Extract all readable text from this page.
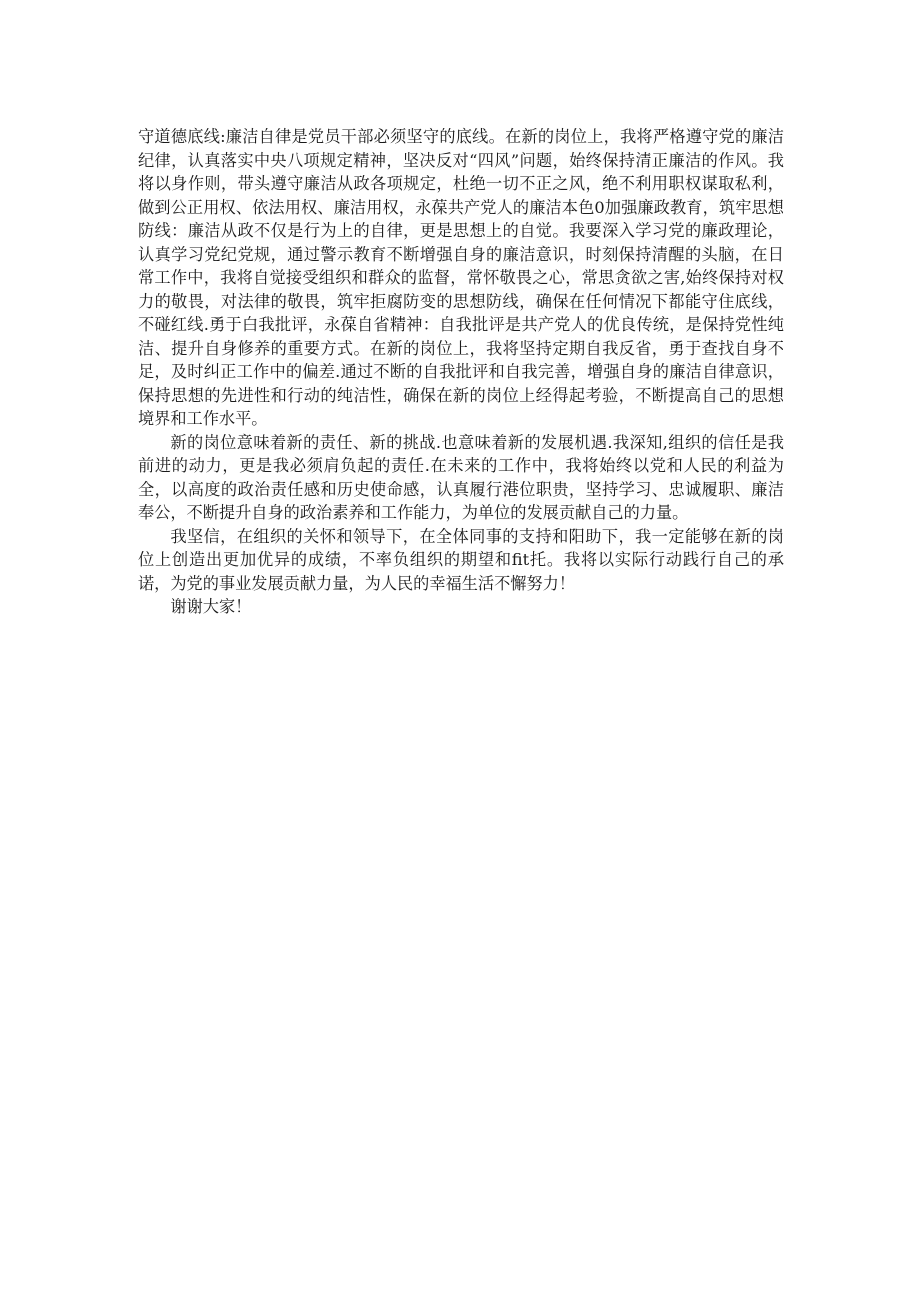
守道德底线:廉洁自律是党员干部必须坚守的底线。在新的岗位上，我将严格遵守党的廉洁纪律，认真落实中央八项规定精神，坚决反对“四风”问题，始终保持清正廉洁的作风。我将以身作则，带头遵守廉洁从政各项规定，杜绝一切不正之风，绝不利用职权谋取私利，做到公正用权、依法用权、廉洁用权，永葆共产党人的廉洁本色0加强廉政教育，筑牢思想防线：廉洁从政不仅是行为上的自律，更是思想上的自觉。我要深入学习党的廉政理论，认真学习党纪党规，通过警示教育不断增强自身的廉洁意识，时刻保持清醒的头脑，在日常工作中，我将自觉接受组织和群众的监督，常怀敬畏之心，常思贪欲之害,始终保持对权力的敬畏，对法律的敬畏，筑牢拒腐防变的思想防线，确保在任何情况下都能守住底线，不碰红线.勇于白我批评，永葆自省精神：自我批评是共产党人的优良传统，是保持党性纯洁、提升自身修养的重要方式。在新的岗位上，我将坚持定期自我反省，勇于查找自身不足，及时纠正工作中的偏差.通过不断的自我批评和自我完善，增强自身的廉洁自律意识，保持思想的先进性和行动的纯洁性，确保在新的岗位上经得起考验，不断提高自己的思想境界和工作水平。

新的岗位意味着新的责任、新的挑战.也意味着新的发展机遇.我深知,组织的信任是我前进的动力，更是我必须肩负起的责任.在未来的工作中，我将始终以党和人民的利益为全，以高度的政治责任感和历史使命感，认真履行港位职贵，坚持学习、忠诚履职、廉洁奉公，不断提升自身的政治素养和工作能力，为单位的发展贡献自己的力量。

我坚信，在组织的关怀和领导下，在全体同事的支持和阳助下，我一定能够在新的岗位上创造出更加优异的成绩，不率负组织的期望和fit托。我将以实际行动践行自己的承诺，为党的事业发展贡献力量，为人民的幸福生活不懈努力！

谢谢大家！
